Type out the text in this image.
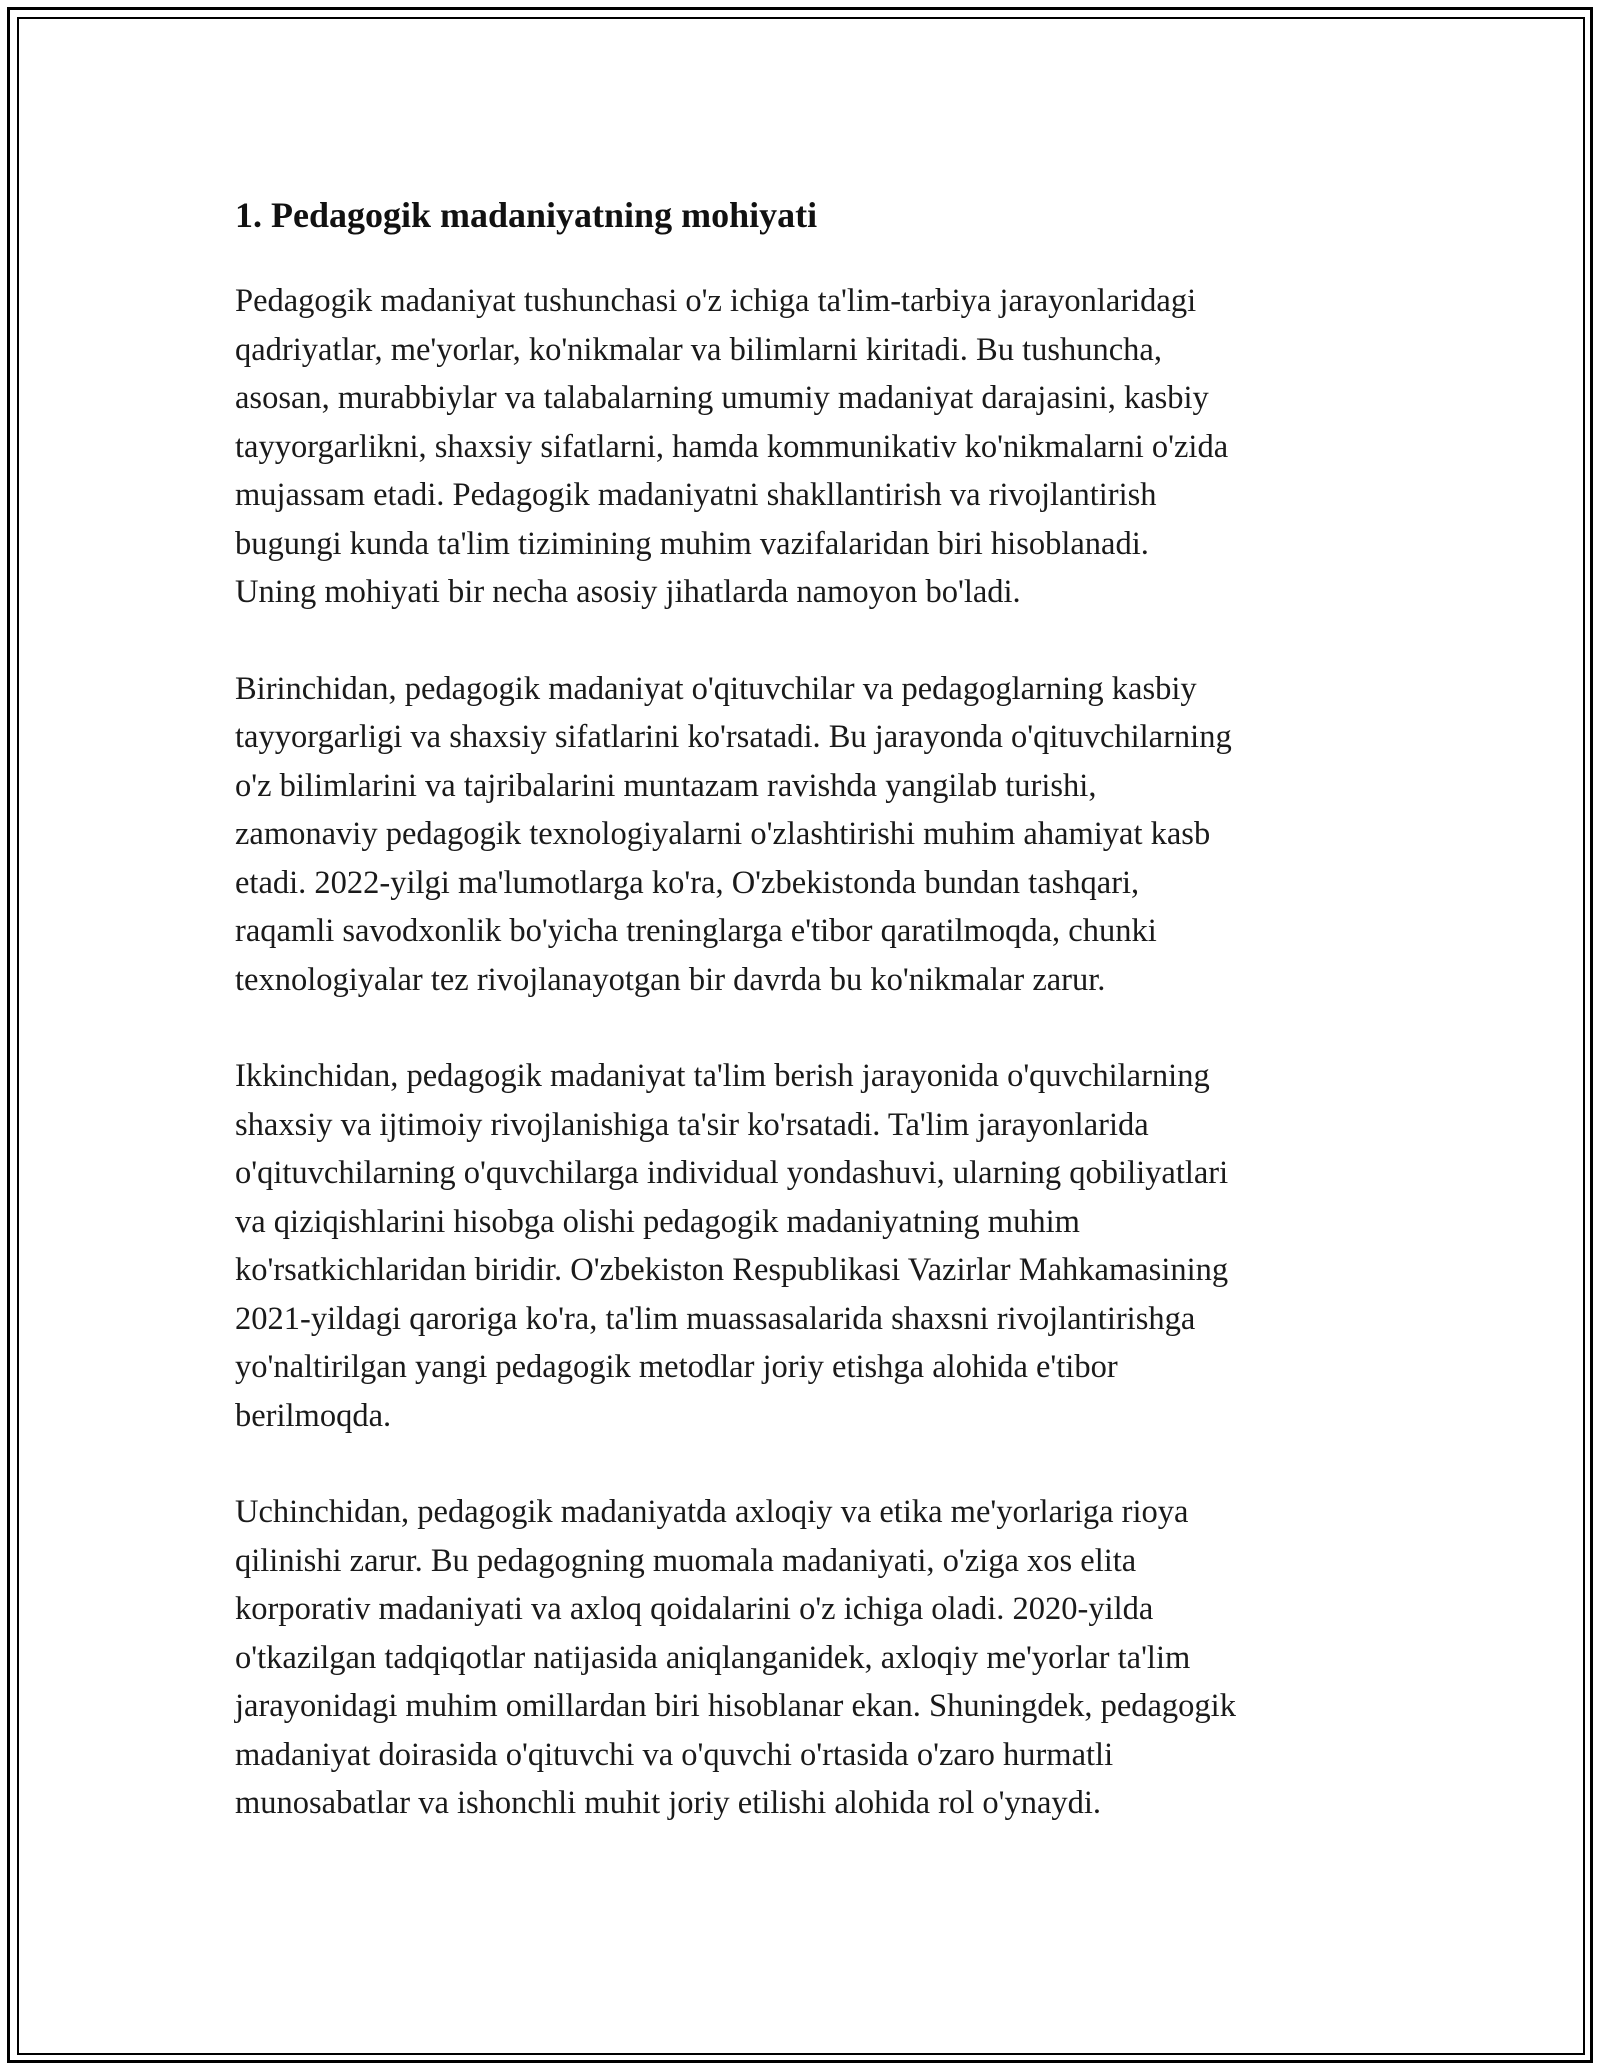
1. Pedagogik madaniyatning mohiyati

Pedagogik madaniyat tushunchasi o'z ichiga ta'lim-tarbiya jarayonlaridagi
qadriyatlar, me'yorlar, ko'nikmalar va bilimlarni kiritadi. Bu tushuncha,
asosan, murabbiylar va talabalarning umumiy madaniyat darajasini, kasbiy
tayyorgarlikni, shaxsiy sifatlarni, hamda kommunikativ ko'nikmalarni o'zida
mujassam etadi. Pedagogik madaniyatni shakllantirish va rivojlantirish
bugungi kunda ta'lim tizimining muhim vazifalaridan biri hisoblanadi.
Uning mohiyati bir necha asosiy jihatlarda namoyon bo'ladi.

Birinchidan, pedagogik madaniyat o'qituvchilar va pedagoglarning kasbiy
tayyorgarligi va shaxsiy sifatlarini ko'rsatadi. Bu jarayonda o'qituvchilarning
o'z bilimlarini va tajribalarini muntazam ravishda yangilab turishi,
zamonaviy pedagogik texnologiyalarni o'zlashtirishi muhim ahamiyat kasb
etadi. 2022-yilgi ma'lumotlarga ko'ra, O'zbekistonda bundan tashqari,
raqamli savodxonlik bo'yicha treninglarga e'tibor qaratilmoqda, chunki
texnologiyalar tez rivojlanayotgan bir davrda bu ko'nikmalar zarur.

Ikkinchidan, pedagogik madaniyat ta'lim berish jarayonida o'quvchilarning
shaxsiy va ijtimoiy rivojlanishiga ta'sir ko'rsatadi. Ta'lim jarayonlarida
o'qituvchilarning o'quvchilarga individual yondashuvi, ularning qobiliyatlari
va qiziqishlarini hisobga olishi pedagogik madaniyatning muhim
ko'rsatkichlaridan biridir. O'zbekiston Respublikasi Vazirlar Mahkamasining
2021-yildagi qaroriga ko'ra, ta'lim muassasalarida shaxsni rivojlantirishga
yo'naltirilgan yangi pedagogik metodlar joriy etishga alohida e'tibor
berilmoqda.

Uchinchidan, pedagogik madaniyatda axloqiy va etika me'yorlariga rioya
qilinishi zarur. Bu pedagogning muomala madaniyati, o'ziga xos elita
korporativ madaniyati va axloq qoidalarini o'z ichiga oladi. 2020-yilda
o'tkazilgan tadqiqotlar natijasida aniqlanganidek, axloqiy me'yorlar ta'lim
jarayonidagi muhim omillardan biri hisoblanar ekan. Shuningdek, pedagogik
madaniyat doirasida o'qituvchi va o'quvchi o'rtasida o'zaro hurmatli
munosabatlar va ishonchli muhit joriy etilishi alohida rol o'ynaydi.
